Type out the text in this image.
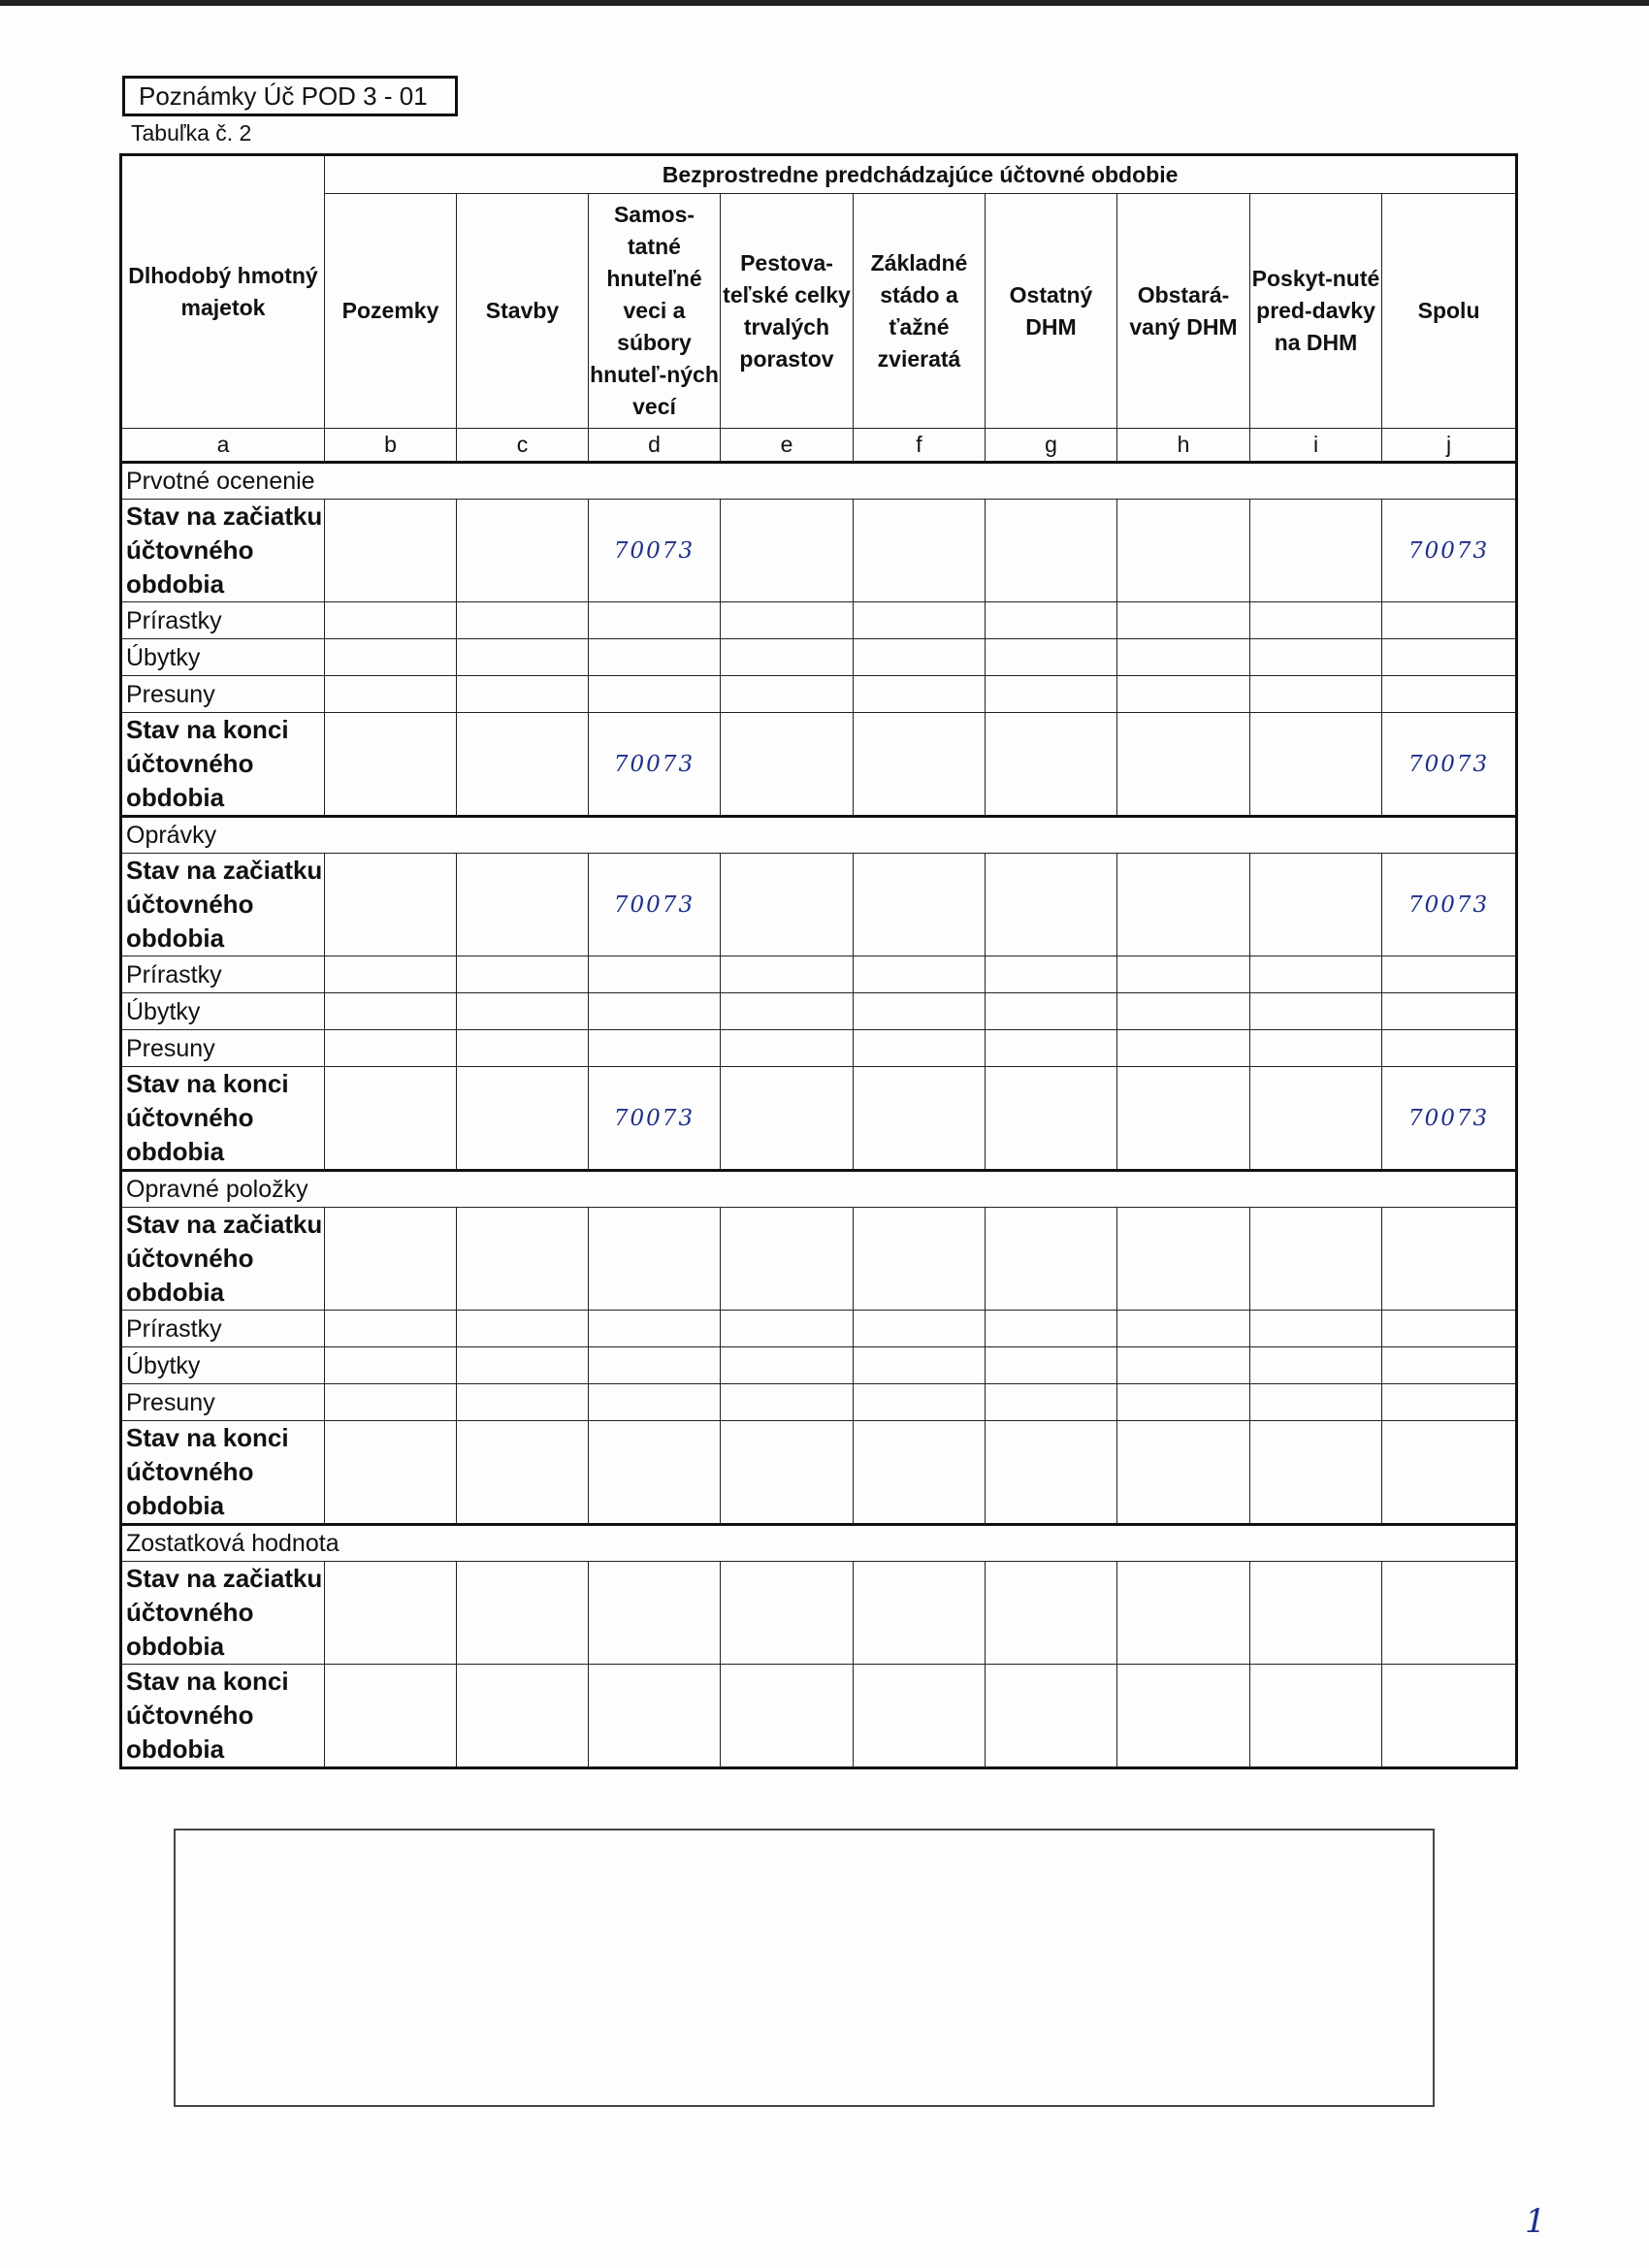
Poznámky Úč POD 3 - 01
Tabuľka č. 2
Dlhodobý hmotný majetok	Bezprostredne predchádzajúce účtovné obdobie								
	Pozemky	Stavby	Samos-tatné hnuteľné veci a súbory hnuteľ-ných vecí	Pestova-teľské celky trvalých porastov	Základné stádo a ťažné zvieratá	Ostatný DHM	Obstará-vaný DHM	Poskyt-nuté pred-davky na DHM	Spolu
a	b	c	d	e	f	g	h	i	j
Prvotné ocenenie									
Stav na začiatku účtovného obdobia			70073						70073
Prírastky									
Úbytky									
Presuny									
Stav na konci účtovného obdobia			70073						70073
Oprávky									
Stav na začiatku účtovného obdobia			70073						70073
Prírastky									
Úbytky									
Presuny									
Stav na konci účtovného obdobia			70073						70073
Opravné položky									
Stav na začiatku účtovného obdobia									
Prírastky									
Úbytky									
Presuny									
Stav na konci účtovného obdobia									
Zostatková hodnota									
Stav na začiatku účtovného obdobia									
Stav na konci účtovného obdobia									
1
